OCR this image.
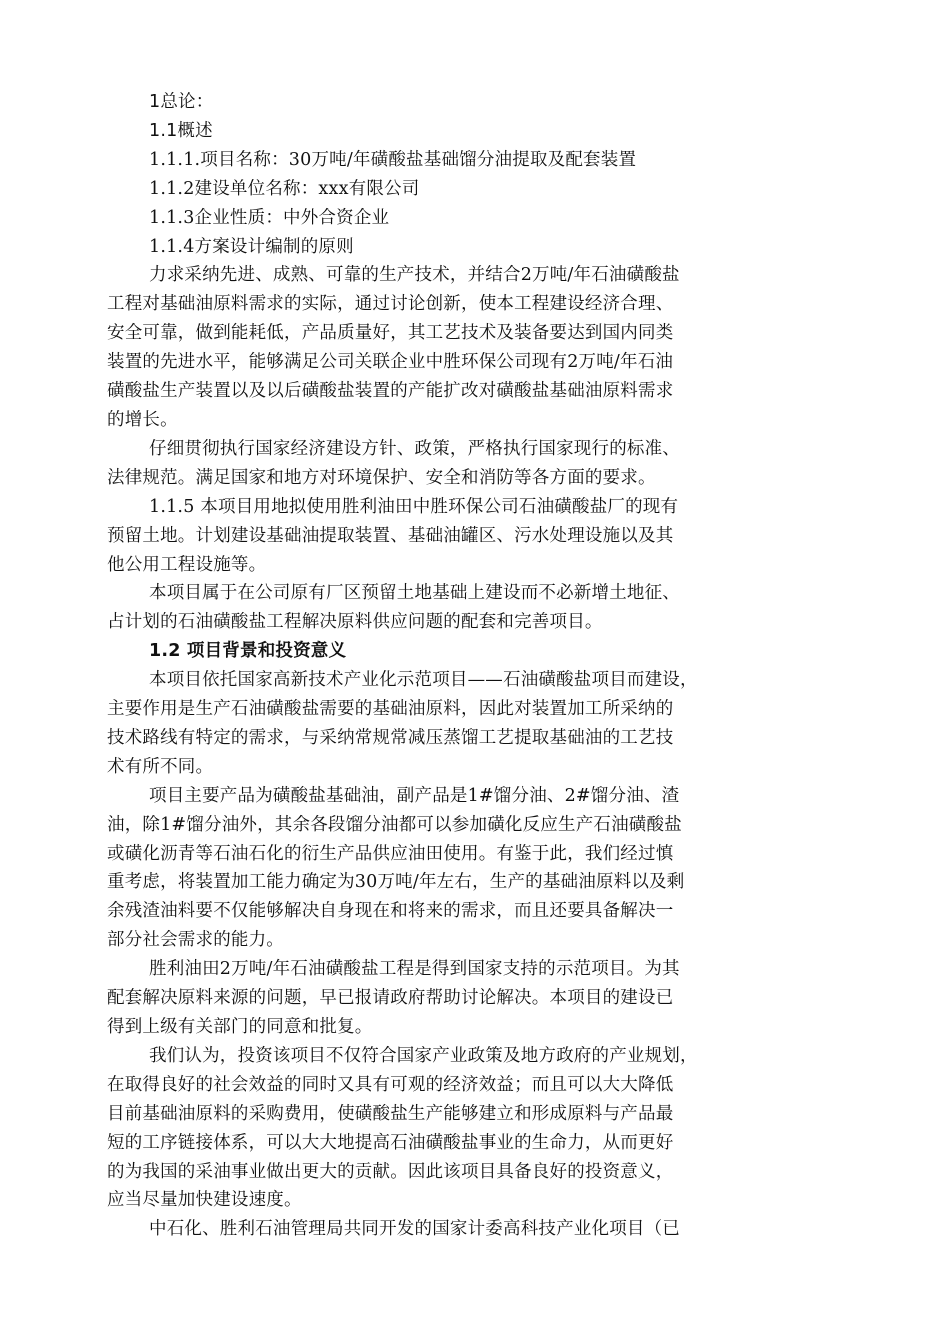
1总论：

1.1概述

1.1.1.项目名称：30万吨/年磺酸盐基础馏分油提取及配套装置

1.1.2建设单位名称：xxx有限公司

1.1.3企业性质：中外合资企业

1.1.4方案设计编制的原则

力求采纳先进、成熟、可靠的生产技术，并结合2万吨/年石油磺酸盐

工程对基础油原料需求的实际，通过讨论创新，使本工程建设经济合理、

安全可靠，做到能耗低，产品质量好，其工艺技术及装备要达到国内同类

装置的先进水平，能够满足公司关联企业中胜环保公司现有2万吨/年石油

磺酸盐生产装置以及以后磺酸盐装置的产能扩改对磺酸盐基础油原料需求

的增长。

仔细贯彻执行国家经济建设方针、政策，严格执行国家现行的标准、

法律规范。满足国家和地方对环境保护、安全和消防等各方面的要求。

1.1.5 本项目用地拟使用胜利油田中胜环保公司石油磺酸盐厂的现有

预留土地。计划建设基础油提取装置、基础油罐区、污水处理设施以及其

他公用工程设施等。

本项目属于在公司原有厂区预留土地基础上建设而不必新增土地征、

占计划的石油磺酸盐工程解决原料供应问题的配套和完善项目。

1.2 项目背景和投资意义

本项目依托国家高新技术产业化示范项目——石油磺酸盐项目而建设，

主要作用是生产石油磺酸盐需要的基础油原料，因此对装置加工所采纳的

技术路线有特定的需求，与采纳常规常减压蒸馏工艺提取基础油的工艺技

术有所不同。

项目主要产品为磺酸盐基础油，副产品是1#馏分油、2#馏分油、渣

油，除1#馏分油外，其余各段馏分油都可以参加磺化反应生产石油磺酸盐

或磺化沥青等石油石化的衍生产品供应油田使用。有鉴于此，我们经过慎

重考虑，将装置加工能力确定为30万吨/年左右，生产的基础油原料以及剩

余残渣油料要不仅能够解决自身现在和将来的需求，而且还要具备解决一

部分社会需求的能力。

胜利油田2万吨/年石油磺酸盐工程是得到国家支持的示范项目。为其

配套解决原料来源的问题，早已报请政府帮助讨论解决。本项目的建设已

得到上级有关部门的同意和批复。

我们认为，投资该项目不仅符合国家产业政策及地方政府的产业规划，

在取得良好的社会效益的同时又具有可观的经济效益；而且可以大大降低

目前基础油原料的采购费用，使磺酸盐生产能够建立和形成原料与产品最

短的工序链接体系，可以大大地提高石油磺酸盐事业的生命力，从而更好

的为我国的采油事业做出更大的贡献。因此该项目具备良好的投资意义，

应当尽量加快建设速度。

中石化、胜利石油管理局共同开发的国家计委高科技产业化项目（已
